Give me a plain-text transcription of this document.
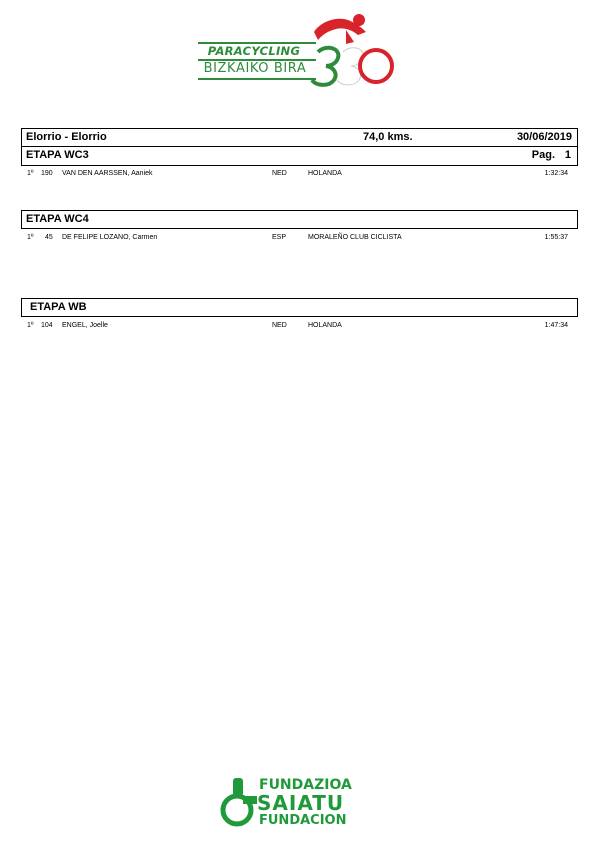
PARACYCLING
BIZKAIKO BIRA
Elorrio - Elorrio	74,0 kms.	30/06/2019
ETAPA WC3	Pag. 1
1º 190 VAN DEN AARSSEN, Aaniek	NED	HOLANDA	1:32:34
ETAPA WC4
1º 45 DE FELIPE LOZANO, Carmen	ESP	MORALEÑO CLUB CICLISTA	1:55:37
ETAPA WB
1º 104 ENGEL, Joelle	NED	HOLANDA	1:47:34
FUNDAZIOA
SAIATU
FUNDACION
